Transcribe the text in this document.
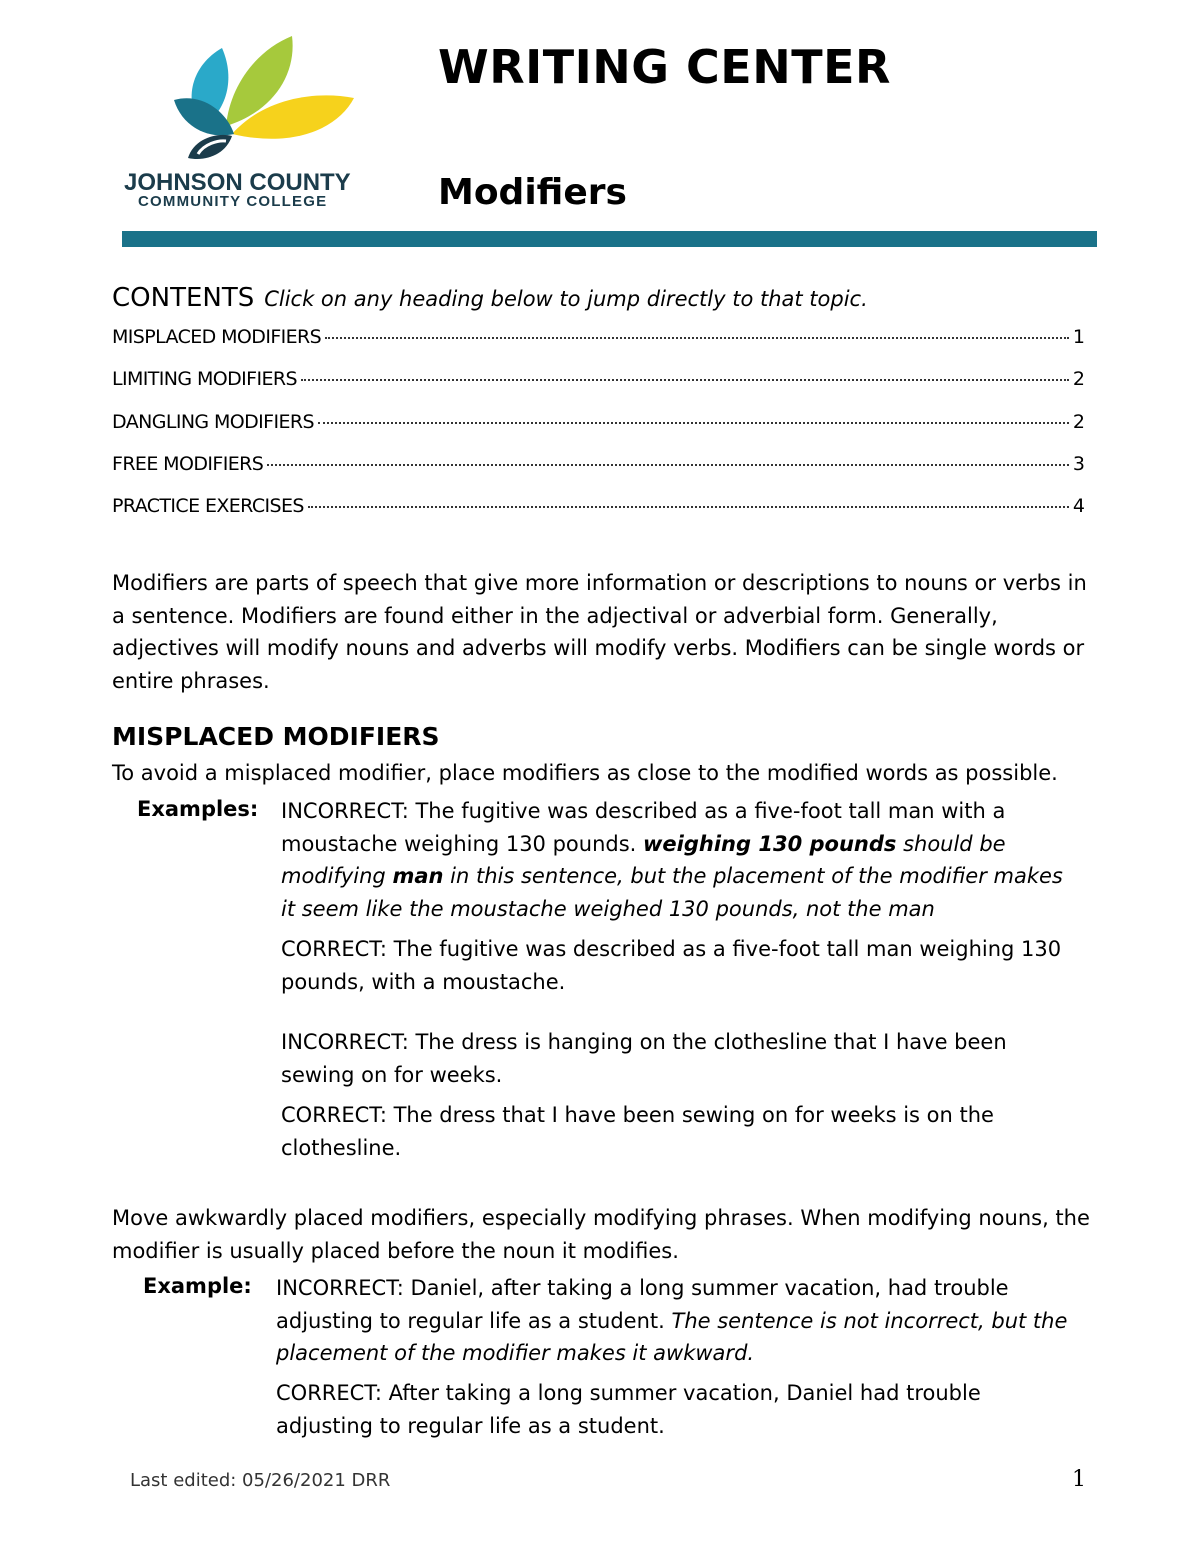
JOHNSON COUNTY
COMMUNITY COLLEGE
WRITING CENTER
Modifiers
CONTENTS Click on any heading below to jump directly to that topic.
MISPLACED MODIFIERS	1
LIMITING MODIFIERS	2
DANGLING MODIFIERS	2
FREE MODIFIERS	3
PRACTICE EXERCISES	4
Modifiers are parts of speech that give more information or descriptions to nouns or verbs in a sentence. Modifiers are found either in the adjectival or adverbial form. Generally, adjectives will modify nouns and adverbs will modify verbs. Modifiers can be single words or entire phrases.
MISPLACED MODIFIERS
To avoid a misplaced modifier, place modifiers as close to the modified words as possible.
Examples: INCORRECT: The fugitive was described as a five-foot tall man with a moustache weighing 130 pounds. weighing 130 pounds should be modifying man in this sentence, but the placement of the modifier makes it seem like the moustache weighed 130 pounds, not the man
CORRECT: The fugitive was described as a five-foot tall man weighing 130 pounds, with a moustache.
INCORRECT: The dress is hanging on the clothesline that I have been sewing on for weeks.
CORRECT: The dress that I have been sewing on for weeks is on the clothesline.
Move awkwardly placed modifiers, especially modifying phrases. When modifying nouns, the modifier is usually placed before the noun it modifies.
Example: INCORRECT: Daniel, after taking a long summer vacation, had trouble adjusting to regular life as a student. The sentence is not incorrect, but the placement of the modifier makes it awkward.
CORRECT: After taking a long summer vacation, Daniel had trouble adjusting to regular life as a student.
Last edited: 05/26/2021 DRR	1
